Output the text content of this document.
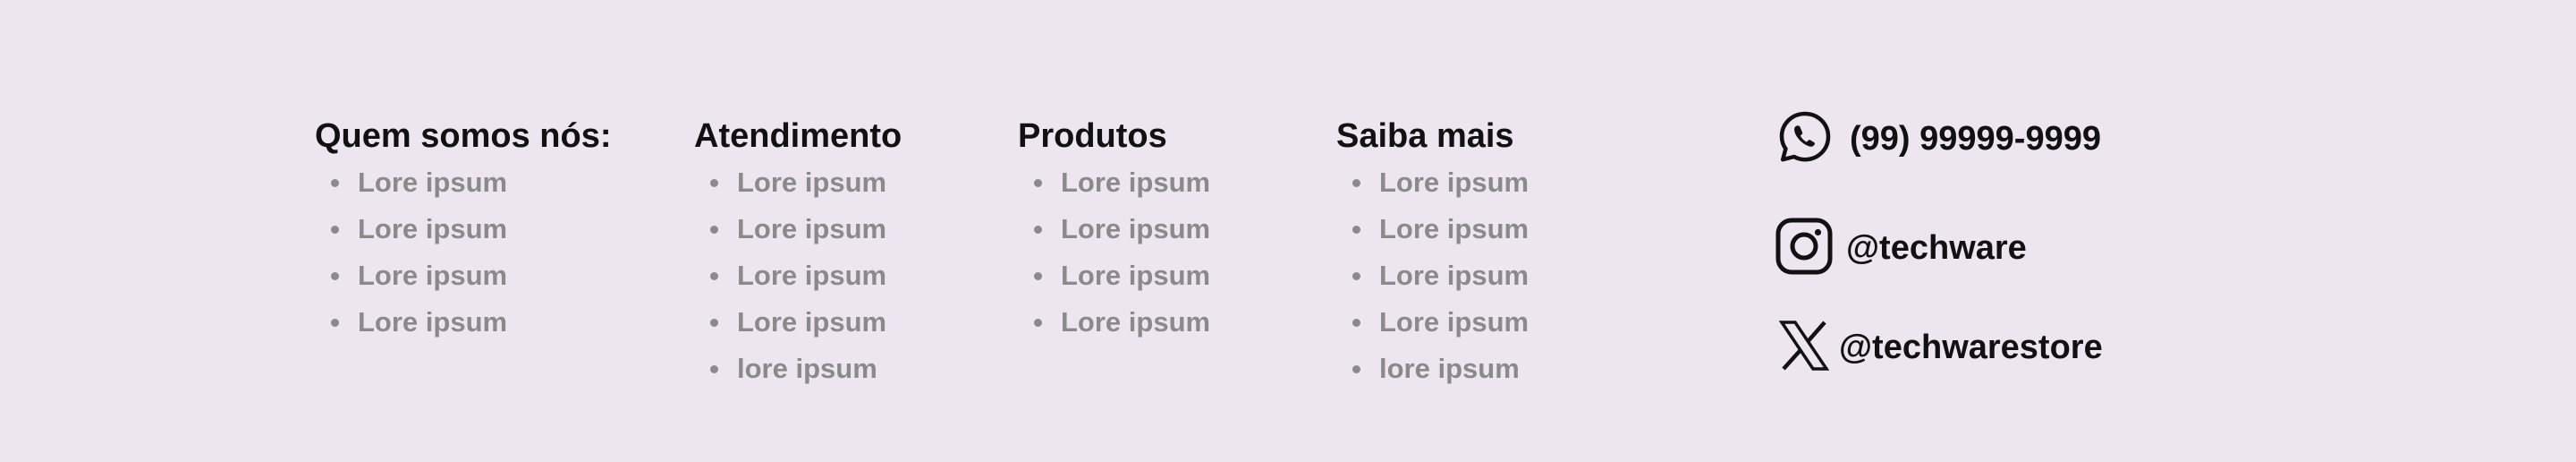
Quem somos nós:
Lore ipsum
Lore ipsum
Lore ipsum
Lore ipsum
Atendimento
Lore ipsum
Lore ipsum
Lore ipsum
Lore ipsum
lore ipsum
Produtos
Lore ipsum
Lore ipsum
Lore ipsum
Lore ipsum
Saiba mais
Lore ipsum
Lore ipsum
Lore ipsum
Lore ipsum
lore ipsum
(99) 99999-9999
@techware
@techwarestore
